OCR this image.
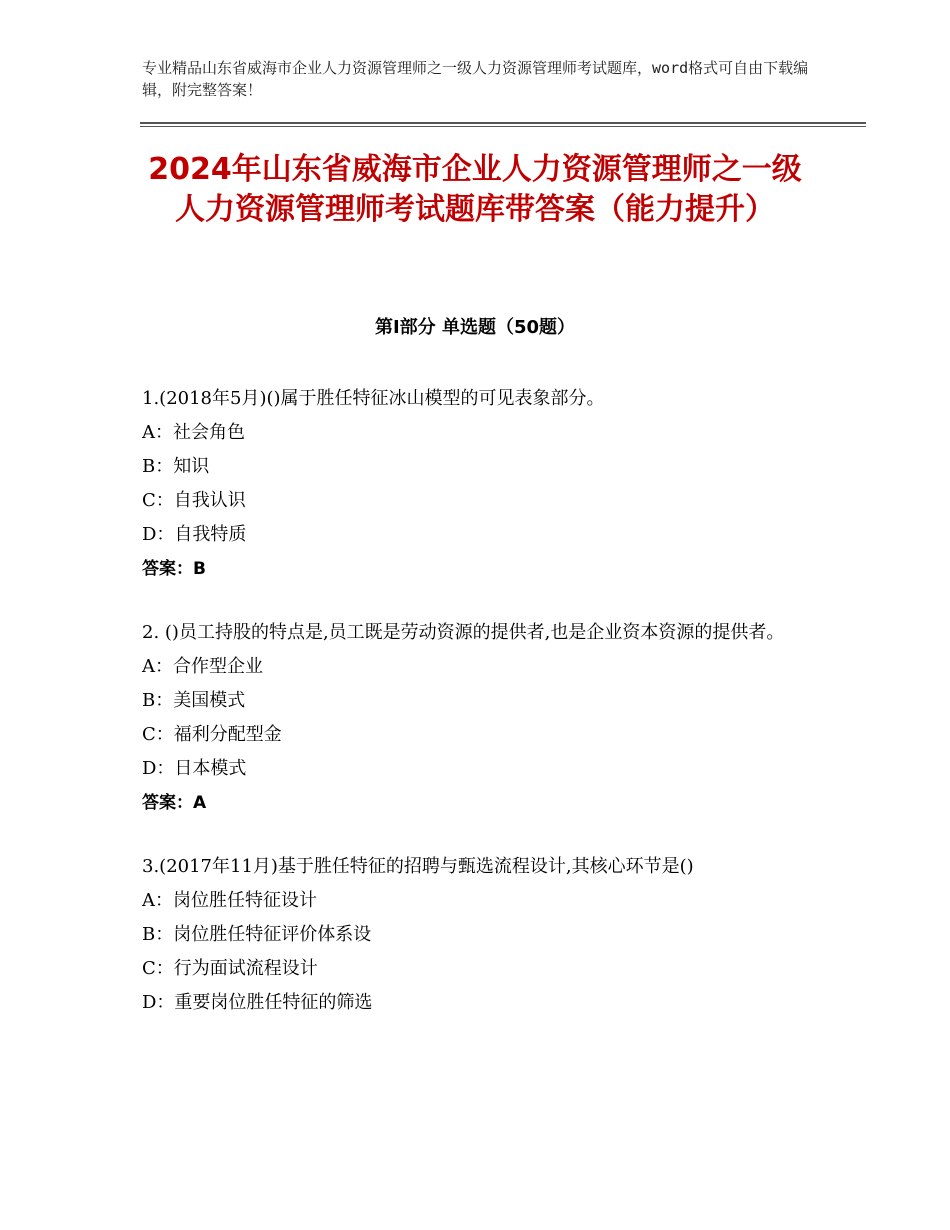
专业精品山东省威海市企业人力资源管理师之一级人力资源管理师考试题库，word格式可自由下载编辑，附完整答案！

2024年山东省威海市企业人力资源管理师之一级人力资源管理师考试题库带答案（能力提升）
第Ⅰ部分 单选题（50题）

1.(2018年5月)()属于胜任特征冰山模型的可见表象部分。

A：社会角色

B：知识

C：自我认识

D：自我特质

答案：B

2. ()员工持股的特点是,员工既是劳动资源的提供者,也是企业资本资源的提供者。

A：合作型企业

B：美国模式

C：福利分配型金

D：日本模式

答案：A

3.(2017年11月)基于胜任特征的招聘与甄选流程设计,其核心环节是()

A：岗位胜任特征设计

B：岗位胜任特征评价体系设

C：行为面试流程设计

D：重要岗位胜任特征的筛选
